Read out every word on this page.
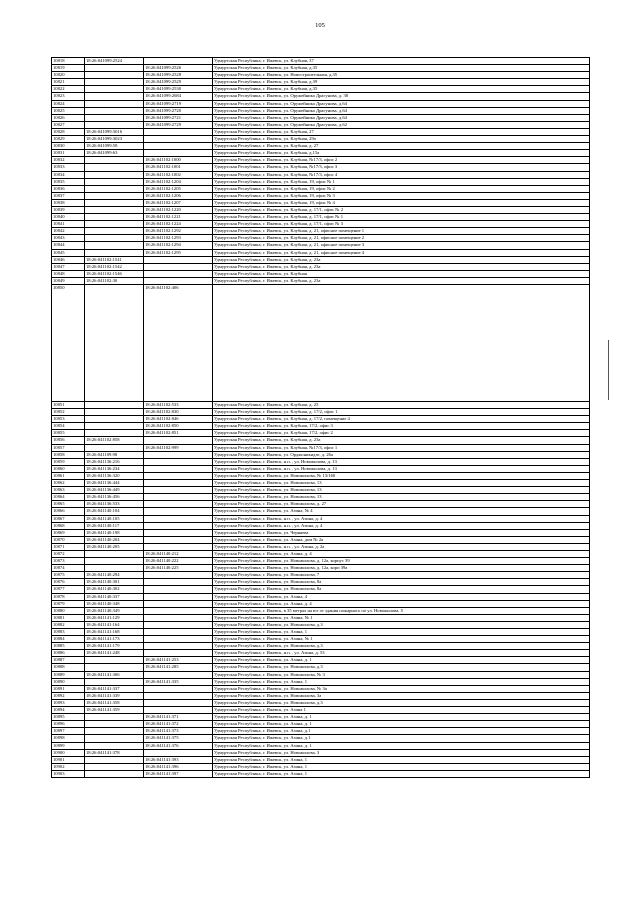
105
10818	18:26:041099:2524		Удмуртская Республика, г. Ижевск, ул. Клубная, 37
10819		18:26:041099:2526	Удмуртская Республика, г. Ижевск, ул. Клубная, д.35
10820		18:26:041099:2528	Удмуртская Республика, г. Ижевск, ул. Новостроительная, д.35
10821		18:26:041099:2529	Удмуртская Республика, г. Ижевск, ул. Клубная, д.39
10822		18:26:041099:2530	Удмуртская Республика, г. Ижевск, ул. Клубная, д.35
10823		18:26:041099:2684	Удмуртская Республика, г. Ижевск, ул. Оружейника Драгунова, д. 38
10824		18:26:041099:2719	Удмуртская Республика, г. Ижевск, ул. Оружейника Драгунова, д.64
10825		18:26:041099:2720	Удмуртская Республика, г. Ижевск, ул. Оружейника Драгунова, д.64
10826		18:26:041099:2721	Удмуртская Республика, г. Ижевск, ул. Оружейника Драгунова, д.64
10827		18:26:041099:2729	Удмуртская Республика, г. Ижевск, ул. Оружейника Драгунова, д.62
10828	18:26:041099:3016		Удмуртская Республика, г. Ижевск, ул. Клубная, 27
10829	18:26:041099:3023		Удмуртская Республика, г. Ижевск, ул. Клубная, 29а
10830	18:26:041099:58		Удмуртская Республика, г. Ижевск, ул. Клубная, д. 27
10831	18:26:041099:63		Удмуртская Республика, г. Ижевск, ул. Клубная, д.15а
10832		18:26:041102:1000	Удмуртская Республика, г. Ижевск, ул. Клубная, №17/3, офис 2
10833		18:26:041102:1001	Удмуртская Республика, г. Ижевск, ул. Клубная, №17/3, офис 3
10834		18:26:041102:1002	Удмуртская Республика, г. Ижевск, ул. Клубная, №17/3, офис 4
10835		18:26:041102:1204	Удмуртская Республика, г. Ижевск, ул. Клубная, 19, офис № 1
10836		18:26:041102:1205	Удмуртская Республика, г. Ижевск, ул. Клубная, 19, офис № 2
10837		18:26:041102:1206	Удмуртская Республика, г. Ижевск, ул. Клубная, 19, офис № 3
10838		18:26:041102:1207	Удмуртская Республика, г. Ижевск, ул. Клубная, 19, офис № 4
10839		18:26:041102:1220	Удмуртская Республика, г. Ижевск, ул. Клубная, д. 17/1, офис № 2
10840		18:26:041102:1221	Удмуртская Республика, г. Ижевск, ул. Клубная, д. 17/1, офис № 1
10841		18:26:041102:1224	Удмуртская Республика, г. Ижевск, ул. Клубная, д. 17/1, офис № 3
10842		18:26:041102:1292	Удмуртская Республика, г. Ижевск, ул. Клубная, д. 21, офисное помещение 1
10843		18:26:041102:1293	Удмуртская Республика, г. Ижевск, ул. Клубная, д. 21, офисное помещение 2
10844		18:26:041102:1294	Удмуртская Республика, г. Ижевск, ул. Клубная, д. 21, офисное помещение 3
10845		18:26:041102:1295	Удмуртская Республика, г. Ижевск, ул. Клубная, д. 21, офисное помещение 4
10846	18:26:041102:1541		Удмуртская Республика, г. Ижевск, ул. Клубная, д. 23а
10847	18:26:041102:1542		Удмуртская Республика, г. Ижевск, ул. Клубная, д. 23а
10848	18:26:041102:1546		Удмуртская Республика, г. Ижевск, ул. Клубная
10849	18:26:041102:30		Удмуртская Республика, г. Ижевск, ул. Клубная, д. 23а
10850		18:26:041102:406	
10851		18:26:041102:533	Удмуртская Республика, г. Ижевск, ул. Клубная, д. 25
10852		18:26:041102:830	Удмуртская Республика, г. Ижевск, ул. Клубная, д. 17/2, офис 1
10853		18:26:041102:846	Удмуртская Республика, г. Ижевск, ул. Клубная, д. 17/2, помещение 4
10854		18:26:041102:850	Удмуртская Республика, г. Ижевск, ул. Клубная, 17/2, офис 3
10855		18:26:041102:851	Удмуртская Республика, г. Ижевск, ул. Клубная, 17/2, офис 2
10856	18:26:041102:858		Удмуртская Республика, г. Ижевск, ул. Клубная, д. 23а
10857		18:26:041102:999	Удмуртская Республика, г. Ижевск, ул. Клубная, №17/3, офис 1
10858	18:26:041109:98		Удмуртская Республика, г. Ижевск, ул. Орджоникидзе, д. 26а
10859	18:26:041136:216		Удмуртская Республика, г. Ижевск, н.п. , ул. Новожилова, д. 13
10860	18:26:041136:234		Удмуртская Республика, г. Ижевск, н.п. , ул. Новожилова, д. 13
10861	18:26:041136:320		Удмуртская Республика, г. Ижевск, ул. Новожилова, № 13/160
10862	18:26:041136:444		Удмуртская Республика, г. Ижевск, ул. Новожилова, 13
10863	18:26:041136:449		Удмуртская Республика, г. Ижевск, ул. Новожилова, 13
10864	18:26:041136:456		Удмуртская Республика, г. Ижевск, ул. Новожилова, 13
10865	18:26:041136:533		Удмуртская Республика, г. Ижевск, ул. Новожилова, д. 27
10866	18:26:041140:104		Удмуртская Республика, г. Ижевск, ул. Азина, № 4
10867	18:26:041140:105		Удмуртская Республика, г. Ижевск, н.п. , ул. Азина, д. 4
10868	18:26:041140:117		Удмуртская Республика, г. Ижевск, н.п. , ул. Азина, д. 4
10869	18:26:041140:198		Удмуртская Республика, г. Ижевск, ул. Черняева
10870	18:26:041140:204		Удмуртская Республика, г. Ижевск, ул. Азина, дом № 2а
10871	18:26:041140:205		Удмуртская Республика, г. Ижевск, н.п. , ул. Азина, д. 2а
10872		18:26:041140:212	Удмуртская Республика, г. Ижевск, ул. Азина, д. 4
10873		18:26:041140:222	Удмуртская Республика, г. Ижевск, ул. Новожилова, д. 12а, корпус 39
10874		18:26:041140:225	Удмуртская Республика, г. Ижевск, ул. Новожилова, д. 12а, корп 39а
10875	18:26:041140:294		Удмуртская Республика, г. Ижевск, ул. Новожилова, 7
10876	18:26:041140:301		Удмуртская Республика, г. Ижевск, ул. Новожилова, 8а
10877	18:26:041140:302		Удмуртская Республика, г. Ижевск, ул. Новожилова, 8а
10878	18:26:041140:337		Удмуртская Республика, г. Ижевск, ул. Азина, 4
10879	18:26:041140:348		Удмуртская Республика, г. Ижевск, ул. Азина, д. 4
10880	18:26:041140:349		Удмуртская Республика, г. Ижевск, в 35 метрах на юг от здания пожарного по ул. Новожилова, 5
10881	18:26:041141:129		Удмуртская Республика, г. Ижевск, ул. Азина, № 1
10882	18:26:041141:164		Удмуртская Республика, г. Ижевск, ул. Новожилова, д.3
10883	18:26:041141:168		Удмуртская Республика, г. Ижевск, ул. Азина, 1
10884	18:26:041141:173		Удмуртская Республика, г. Ижевск, ул. Азина, № 1
10885	18:26:041141:179		Удмуртская Республика, г. Ижевск, ул. Новожилова, д.3
10886	18:26:041141:248		Удмуртская Республика, г. Ижевск, н.п. , ул. Азина, д. 53
10887		18:26:041141:253	Удмуртская Республика, г. Ижевск, ул. Азина, д. 1
10888		18:26:041141:285	Удмуртская Республика, г. Ижевск, ул. Новожилова, д.3
10889	18:26:041141:306		Удмуртская Республика, г. Ижевск, ул. Новожилова, № 3
10890		18:26:041141:335	Удмуртская Республика, г. Ижевск, ул. Азина, 1
10891	18:26:041141:337		Удмуртская Республика, г. Ижевск, ул. Новожилова, № 3а
10892	18:26:041141:339		Удмуртская Республика, г. Ижевск, ул. Новожилова, 3а
10893	18:26:041141:358		Удмуртская Республика, г. Ижевск, ул. Новожилова, д.3
10894	18:26:041141:359		Удмуртская Республика, г. Ижевск, ул. Азина 1
10895		18:26:041141:371	Удмуртская Республика, г. Ижевск, ул. Азина, д. 1
10896		18:26:041141:372	Удмуртская Республика, г. Ижевск, ул. Азина, д. 1
10897		18:26:041141:373	Удмуртская Республика, г. Ижевск, ул. Азина, д.1
10898		18:26:041141:375	Удмуртская Республика, г. Ижевск, ул. Азина, д.1
10899		18:26:041141:376	Удмуртская Республика, г. Ижевск, ул. Азина, д. 1
10900	18:26:041141:378		Удмуртская Республика, г. Ижевск, ул. Новожилова, 3
10901		18:26:041141:393	Удмуртская Республика, г. Ижевск, ул. Азина, 1
10902		18:26:041141:396	Удмуртская Республика, г. Ижевск, ул. Азина, 1
10903		18:26:041141:397	Удмуртская Республика, г. Ижевск, ул. Азина, 1
